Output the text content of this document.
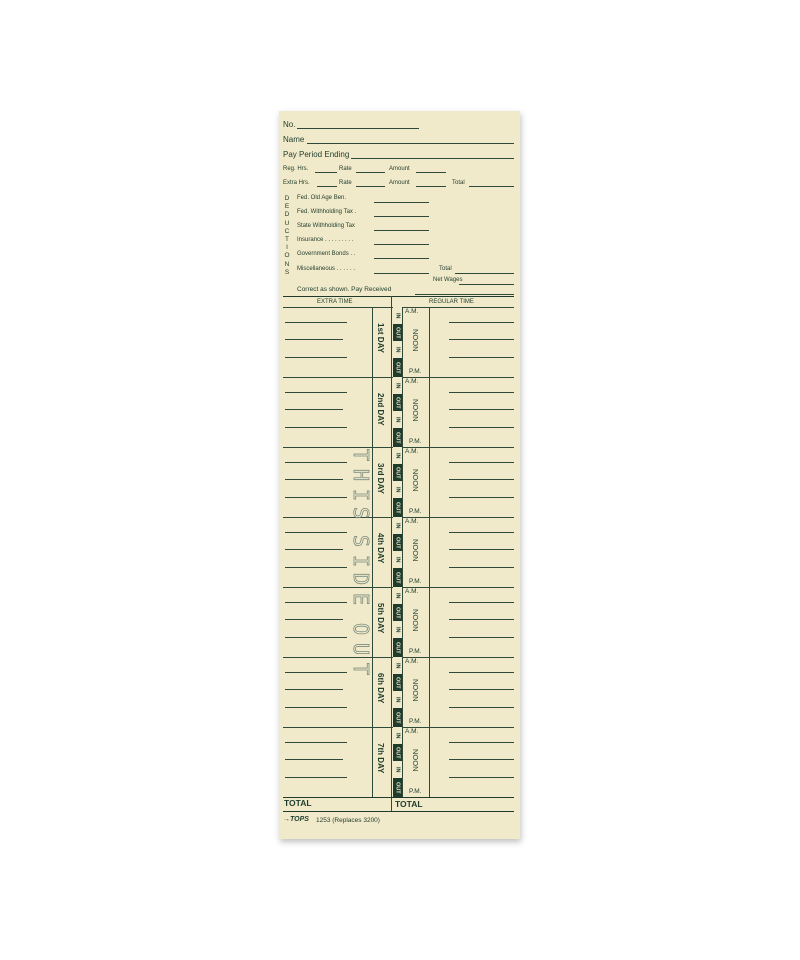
No.
Name
Pay Period Ending
Reg. Hrs.	Rate	Amount
Extra Hrs.	Rate	Amount	Total
D
E
D
U
C
T
I
O
N
S
Fed. Old Age Ben.
Fed. Withholding Tax .
State Withholding Tax
Insurance . . . . . . . . .
Government Bonds . .
Miscellaneous . . . . . .	Total
Net Wages
Correct as shown. Pay Received
EXTRA TIME	REGULAR TIME
1st DAY
IN
OUT
IN
OUT
A.M.
NOON
P.M.
2nd DAY
IN
OUT
IN
OUT
A.M.
NOON
P.M.
3rd DAY
IN
OUT
IN
OUT
A.M.
NOON
P.M.
4th DAY
IN
OUT
IN
OUT
A.M.
NOON
P.M.
5th DAY
IN
OUT
IN
OUT
A.M.
NOON
P.M.
6th DAY
IN
OUT
IN
OUT
A.M.
NOON
P.M.
7th DAY
IN
OUT
IN
OUT
A.M.
NOON
P.M.
T
H
I
S
S
I
D
E
O
U
T
TOTAL	TOTAL
→TOPS 1253 (Replaces 3200)
